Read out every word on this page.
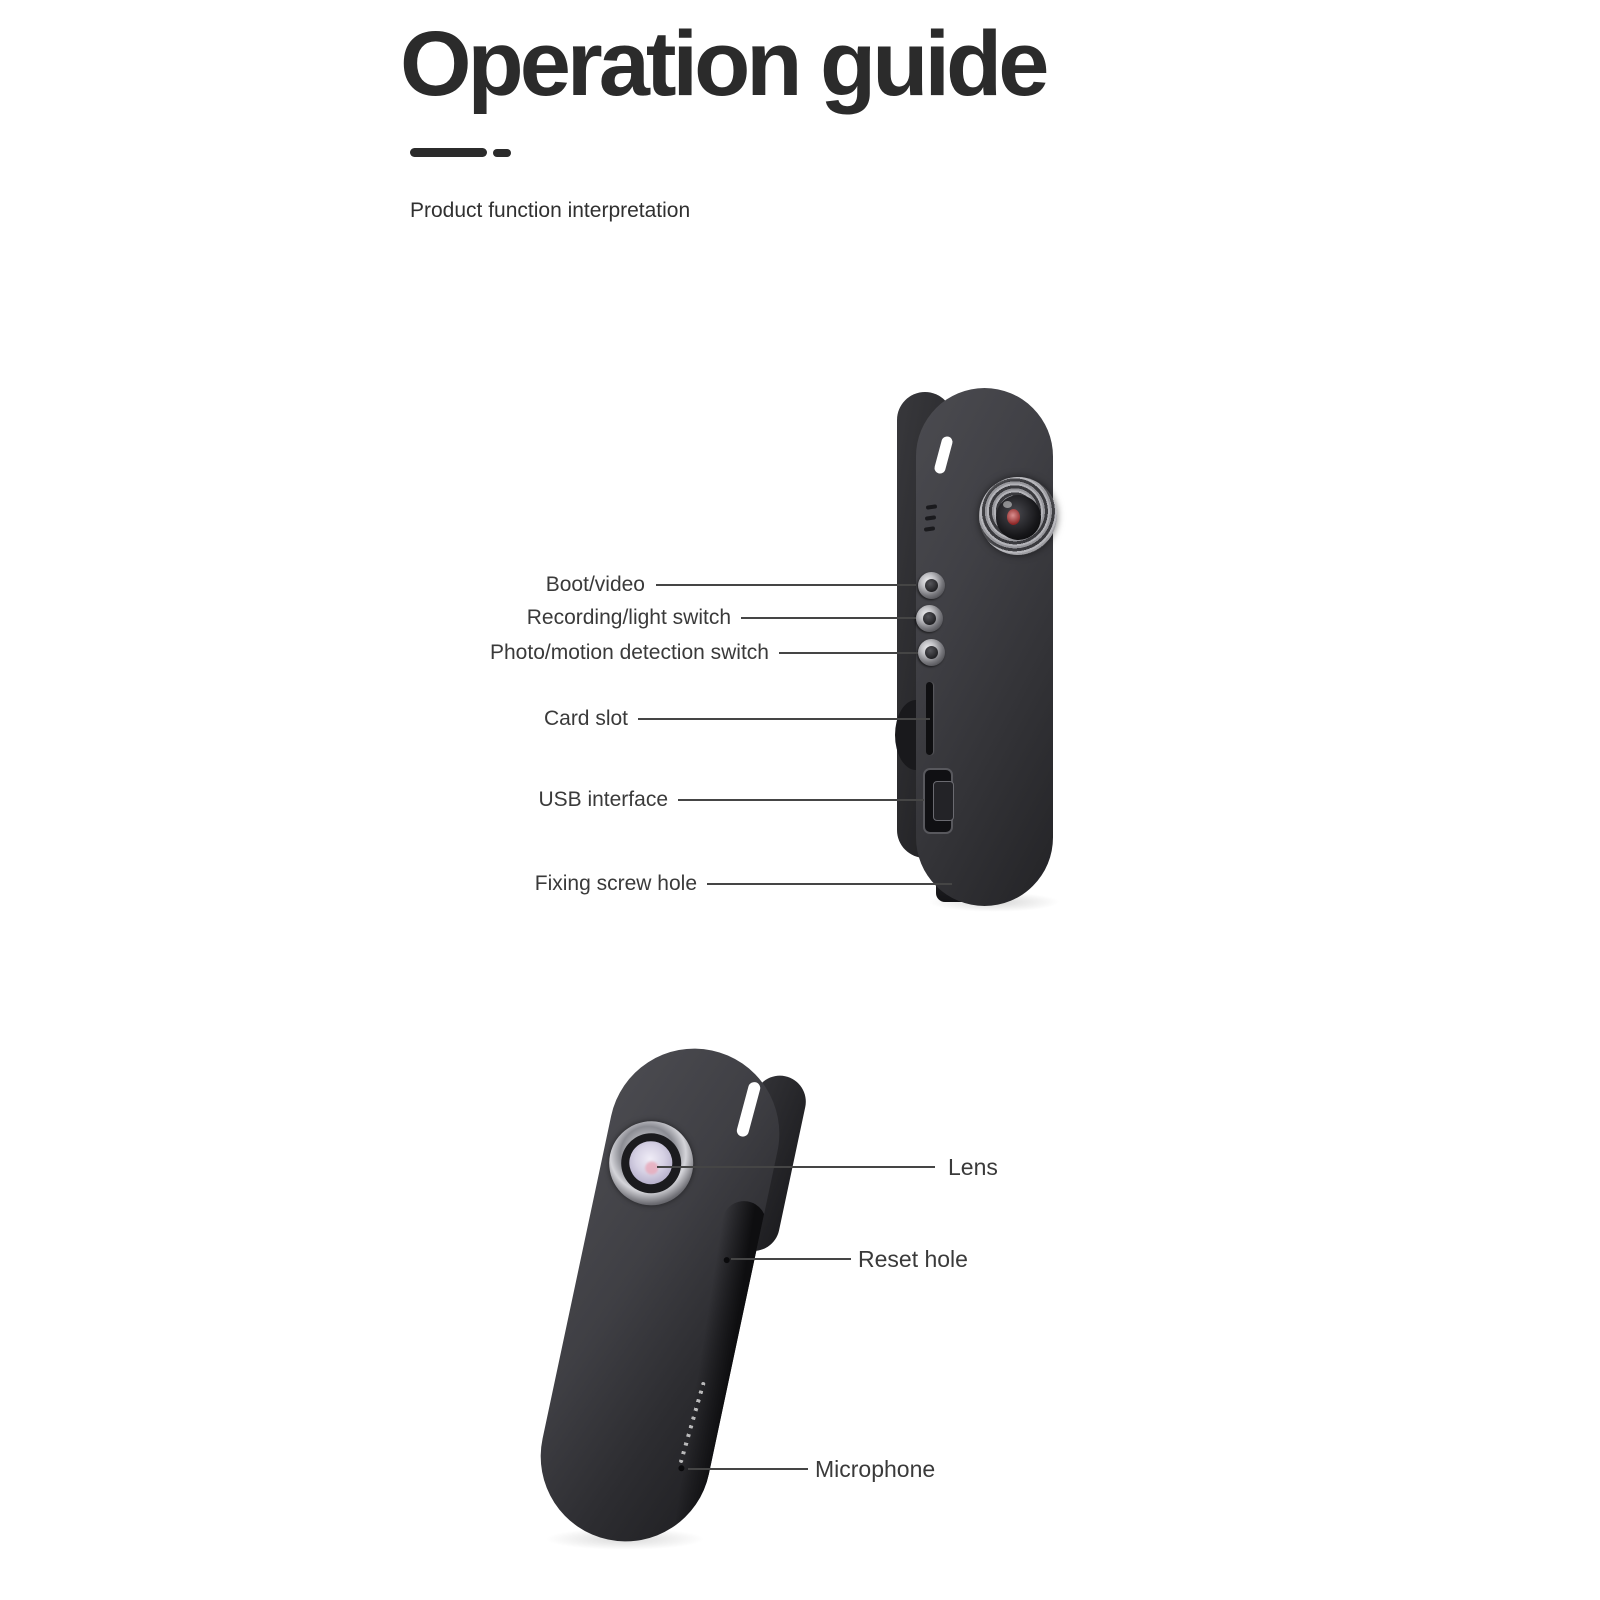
Operation guide
Product function interpretation
Boot/video
Recording/light switch
Photo/motion detection switch
Card slot
USB interface
Fixing screw hole
Lens
Reset hole
Microphone
